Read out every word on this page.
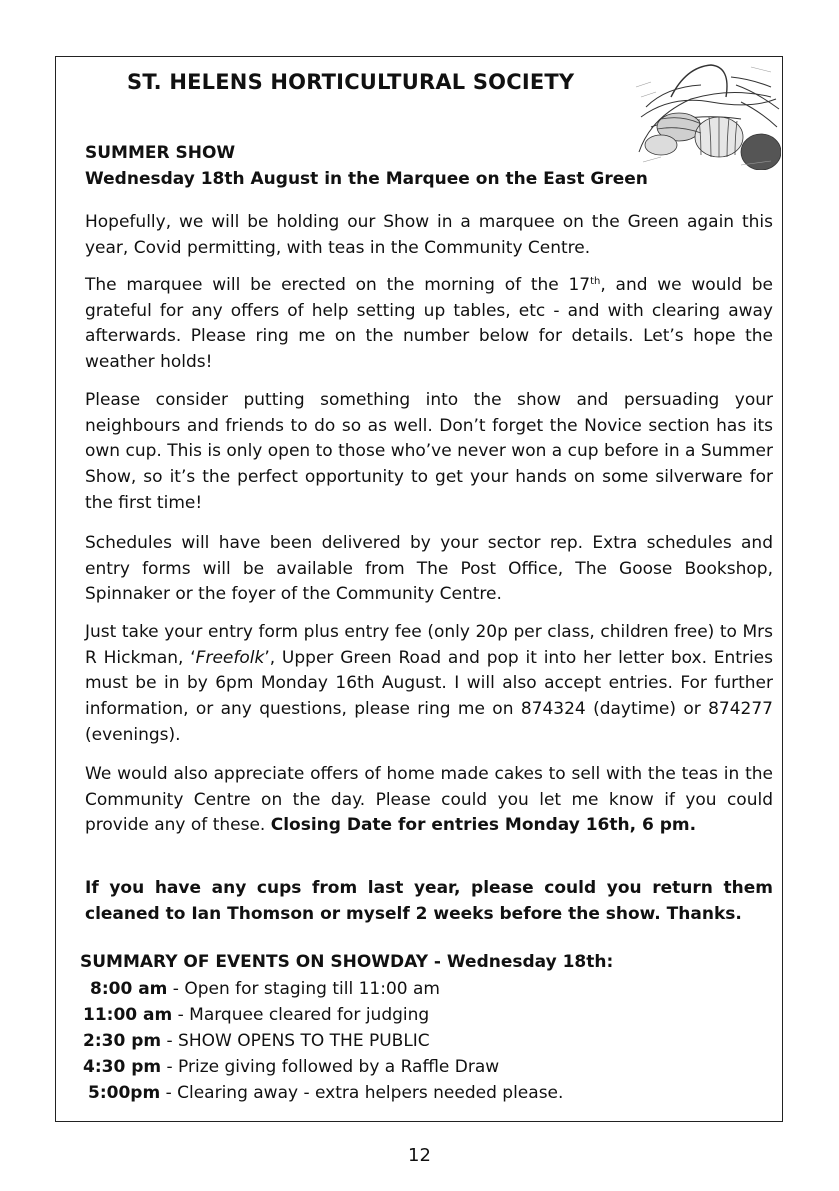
ST. HELENS HORTICULTURAL SOCIETY
SUMMER SHOW
Wednesday 18th August in the Marquee on the East Green

Hopefully, we will be holding our Show in a marquee on the Green again this year, Covid permitting, with teas in the Community Centre.

The marquee will be erected on the morning of the 17th, and we would be grateful for any offers of help setting up tables, etc - and with clearing away afterwards. Please ring me on the number below for details. Let’s hope the weather holds!

Please consider putting something into the show and persuading your neighbours and friends to do so as well. Don’t forget the Novice section has its own cup. This is only open to those who’ve never won a cup before in a Summer Show, so it’s the perfect opportunity to get your hands on some silverware for the first time!

Schedules will have been delivered by your sector rep. Extra schedules and entry forms will be available from The Post Office, The Goose Bookshop, Spinnaker or the foyer of the Community Centre.

Just take your entry form plus entry fee (only 20p per class, children free) to Mrs R Hickman, ‘Freefolk’, Upper Green Road and pop it into her letter box. Entries must be in by 6pm Monday 16th August. I will also accept entries. For further information, or any questions, please ring me on 874324 (daytime) or 874277 (evenings).

We would also appreciate offers of home made cakes to sell with the teas in the Community Centre on the day. Please could you let me know if you could provide any of these. Closing Date for entries Monday 16th, 6 pm.

If you have any cups from last year, please could you return them cleaned to Ian Thomson or myself 2 weeks before the show. Thanks.

SUMMARY OF EVENTS ON SHOWDAY - Wednesday 18th:
8:00 am - Open for staging till 11:00 am
11:00 am - Marquee cleared for judging
2:30 pm - SHOW OPENS TO THE PUBLIC
4:30 pm - Prize giving followed by a Raffle Draw
5:00pm - Clearing away - extra helpers needed please.
12
